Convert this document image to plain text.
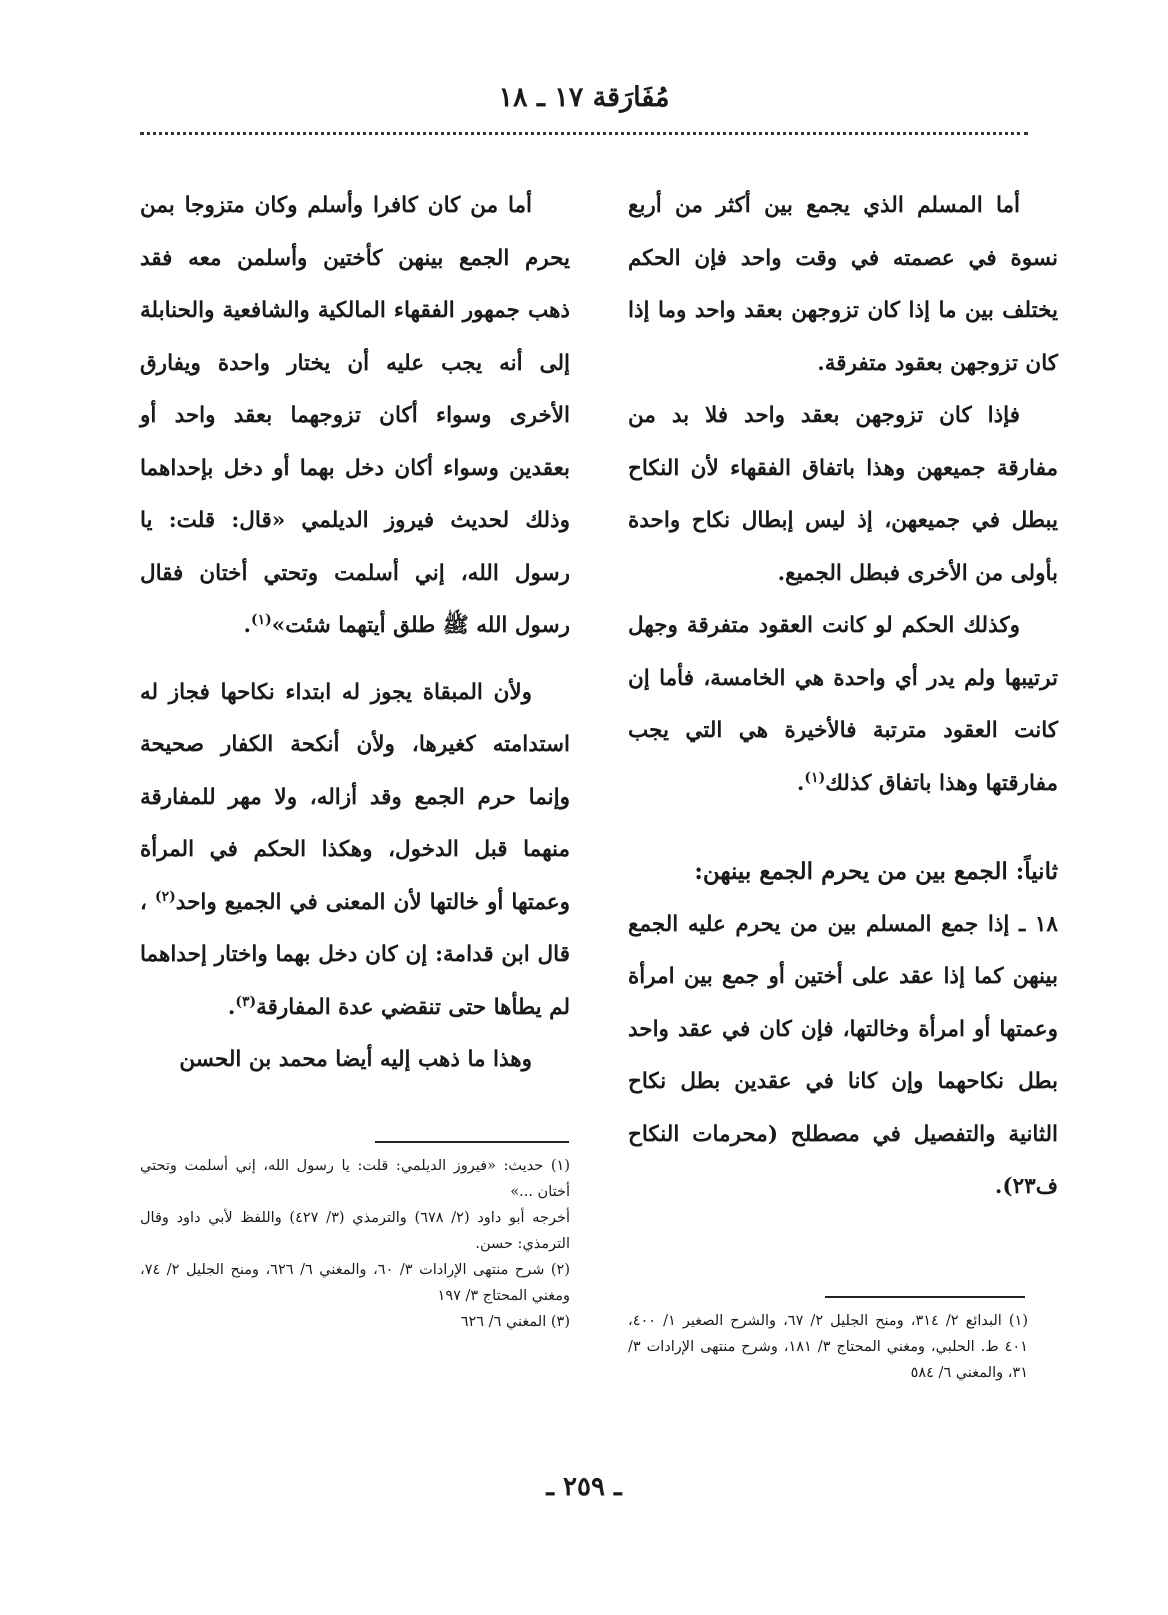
مُفَارَقة ١٧ ـ ١٨

أما المسلم الذي يجمع بين أكثر من أربع نسوة في عصمته في وقت واحد فإن الحكم يختلف بين ما إذا كان تزوجهن بعقد واحد وما إذا كان تزوجهن بعقود متفرقة.

فإذا كان تزوجهن بعقد واحد فلا بد من مفارقة جميعهن وهذا باتفاق الفقهاء لأن النكاح يبطل في جميعهن، إذ ليس إبطال نكاح واحدة بأولى من الأخرى فبطل الجميع.

وكذلك الحكم لو كانت العقود متفرقة وجهل ترتيبها ولم يدر أي واحدة هي الخامسة، فأما إن كانت العقود مترتبة فالأخيرة هي التي يجب مفارقتها وهذا باتفاق كذلك$^{(١)}$.

ثانياً: الجمع بين من يحرم الجمع بينهن:

١٨ ـ إذا جمع المسلم بين من يحرم عليه الجمع بينهن كما إذا عقد على أختين أو جمع بين امرأة وعمتها أو امرأة وخالتها، فإن كان في عقد واحد بطل نكاحهما وإن كانا في عقدين بطل نكاح الثانية والتفصيل في مصطلح (محرمات النكاح ف٢٣).

(١) البدائع ٢/ ٣١٤، ومنح الجليل ٢/ ٦٧، والشرح الصغير ١/ ٤٠٠، ٤٠١ ط. الحلبي، ومغني المحتاج ٣/ ١٨١، وشرح منتهى الإرادات ٣/ ٣١، والمغني ٦/ ٥٨٤

أما من كان كافرا وأسلم وكان متزوجا بمن يحرم الجمع بينهن كأختين وأسلمن معه فقد ذهب جمهور الفقهاء المالكية والشافعية والحنابلة إلى أنه يجب عليه أن يختار واحدة ويفارق الأخرى وسواء أكان تزوجهما بعقد واحد أو بعقدين وسواء أكان دخل بهما أو دخل بإحداهما وذلك لحديث فيروز الديلمي «قال: قلت: يا رسول الله، إني أسلمت وتحتي أختان فقال رسول الله ﷺ طلق أيتهما شئت»$^{(١)}$.

ولأن المبقاة يجوز له ابتداء نكاحها فجاز له استدامته كغيرها، ولأن أنكحة الكفار صحيحة وإنما حرم الجمع وقد أزاله، ولا مهر للمفارقة منهما قبل الدخول، وهكذا الحكم في المرأة وعمتها أو خالتها لأن المعنى في الجميع واحد$^{(٢)}$ ، قال ابن قدامة: إن كان دخل بهما واختار إحداهما لم يطأها حتى تنقضي عدة المفارقة$^{(٣)}$.

وهذا ما ذهب إليه أيضا محمد بن الحسن

(١) حديث: «فيروز الديلمي: قلت: يا رسول الله، إني أسلمت وتحتي أختان ...»

أخرجه أبو داود (٢/ ٦٧٨) والترمذي (٣/ ٤٢٧) واللفظ لأبي داود وقال الترمذي: حسن.

(٢) شرح منتهى الإرادات ٣/ ٦٠، والمغني ٦/ ٦٢٦، ومنح الجليل ٢/ ٧٤، ومغني المحتاج ٣/ ١٩٧

(٣) المغني ٦/ ٦٢٦

ـ ٢٥٩ ـ
